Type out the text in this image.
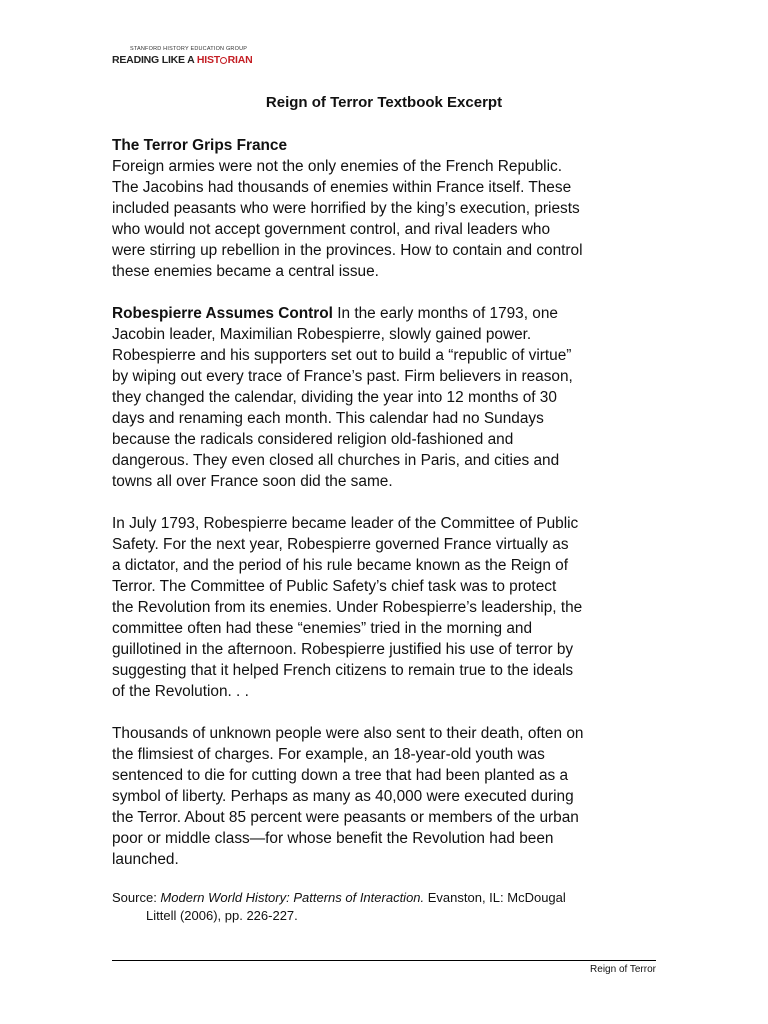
STANFORD HISTORY EDUCATION GROUP
READING LIKE A HIST RIAN
Reign of Terror Textbook Excerpt
The Terror Grips France

Foreign armies were not the only enemies of the French Republic.

The Jacobins had thousands of enemies within France itself. These

included peasants who were horrified by the king’s execution, priests

who would not accept government control, and rival leaders who

were stirring up rebellion in the provinces. How to contain and control

these enemies became a central issue.

Robespierre Assumes Control In the early months of 1793, one

Jacobin leader, Maximilian Robespierre, slowly gained power.

Robespierre and his supporters set out to build a “republic of virtue”

by wiping out every trace of France’s past. Firm believers in reason,

they changed the calendar, dividing the year into 12 months of 30

days and renaming each month. This calendar had no Sundays

because the radicals considered religion old-fashioned and

dangerous. They even closed all churches in Paris, and cities and

towns all over France soon did the same.

In July 1793, Robespierre became leader of the Committee of Public

Safety. For the next year, Robespierre governed France virtually as

a dictator, and the period of his rule became known as the Reign of

Terror. The Committee of Public Safety’s chief task was to protect

the Revolution from its enemies. Under Robespierre’s leadership, the

committee often had these “enemies” tried in the morning and

guillotined in the afternoon. Robespierre justified his use of terror by

suggesting that it helped French citizens to remain true to the ideals

of the Revolution. . .

Thousands of unknown people were also sent to their death, often on

the flimsiest of charges. For example, an 18-year-old youth was

sentenced to die for cutting down a tree that had been planted as a

symbol of liberty. Perhaps as many as 40,000 were executed during

the Terror. About 85 percent were peasants or members of the urban

poor or middle class—for whose benefit the Revolution had been

launched.

Source: Modern World History: Patterns of Interaction. Evanston, IL: McDougal
Littell (2006), pp. 226-227.
Reign of Terror
